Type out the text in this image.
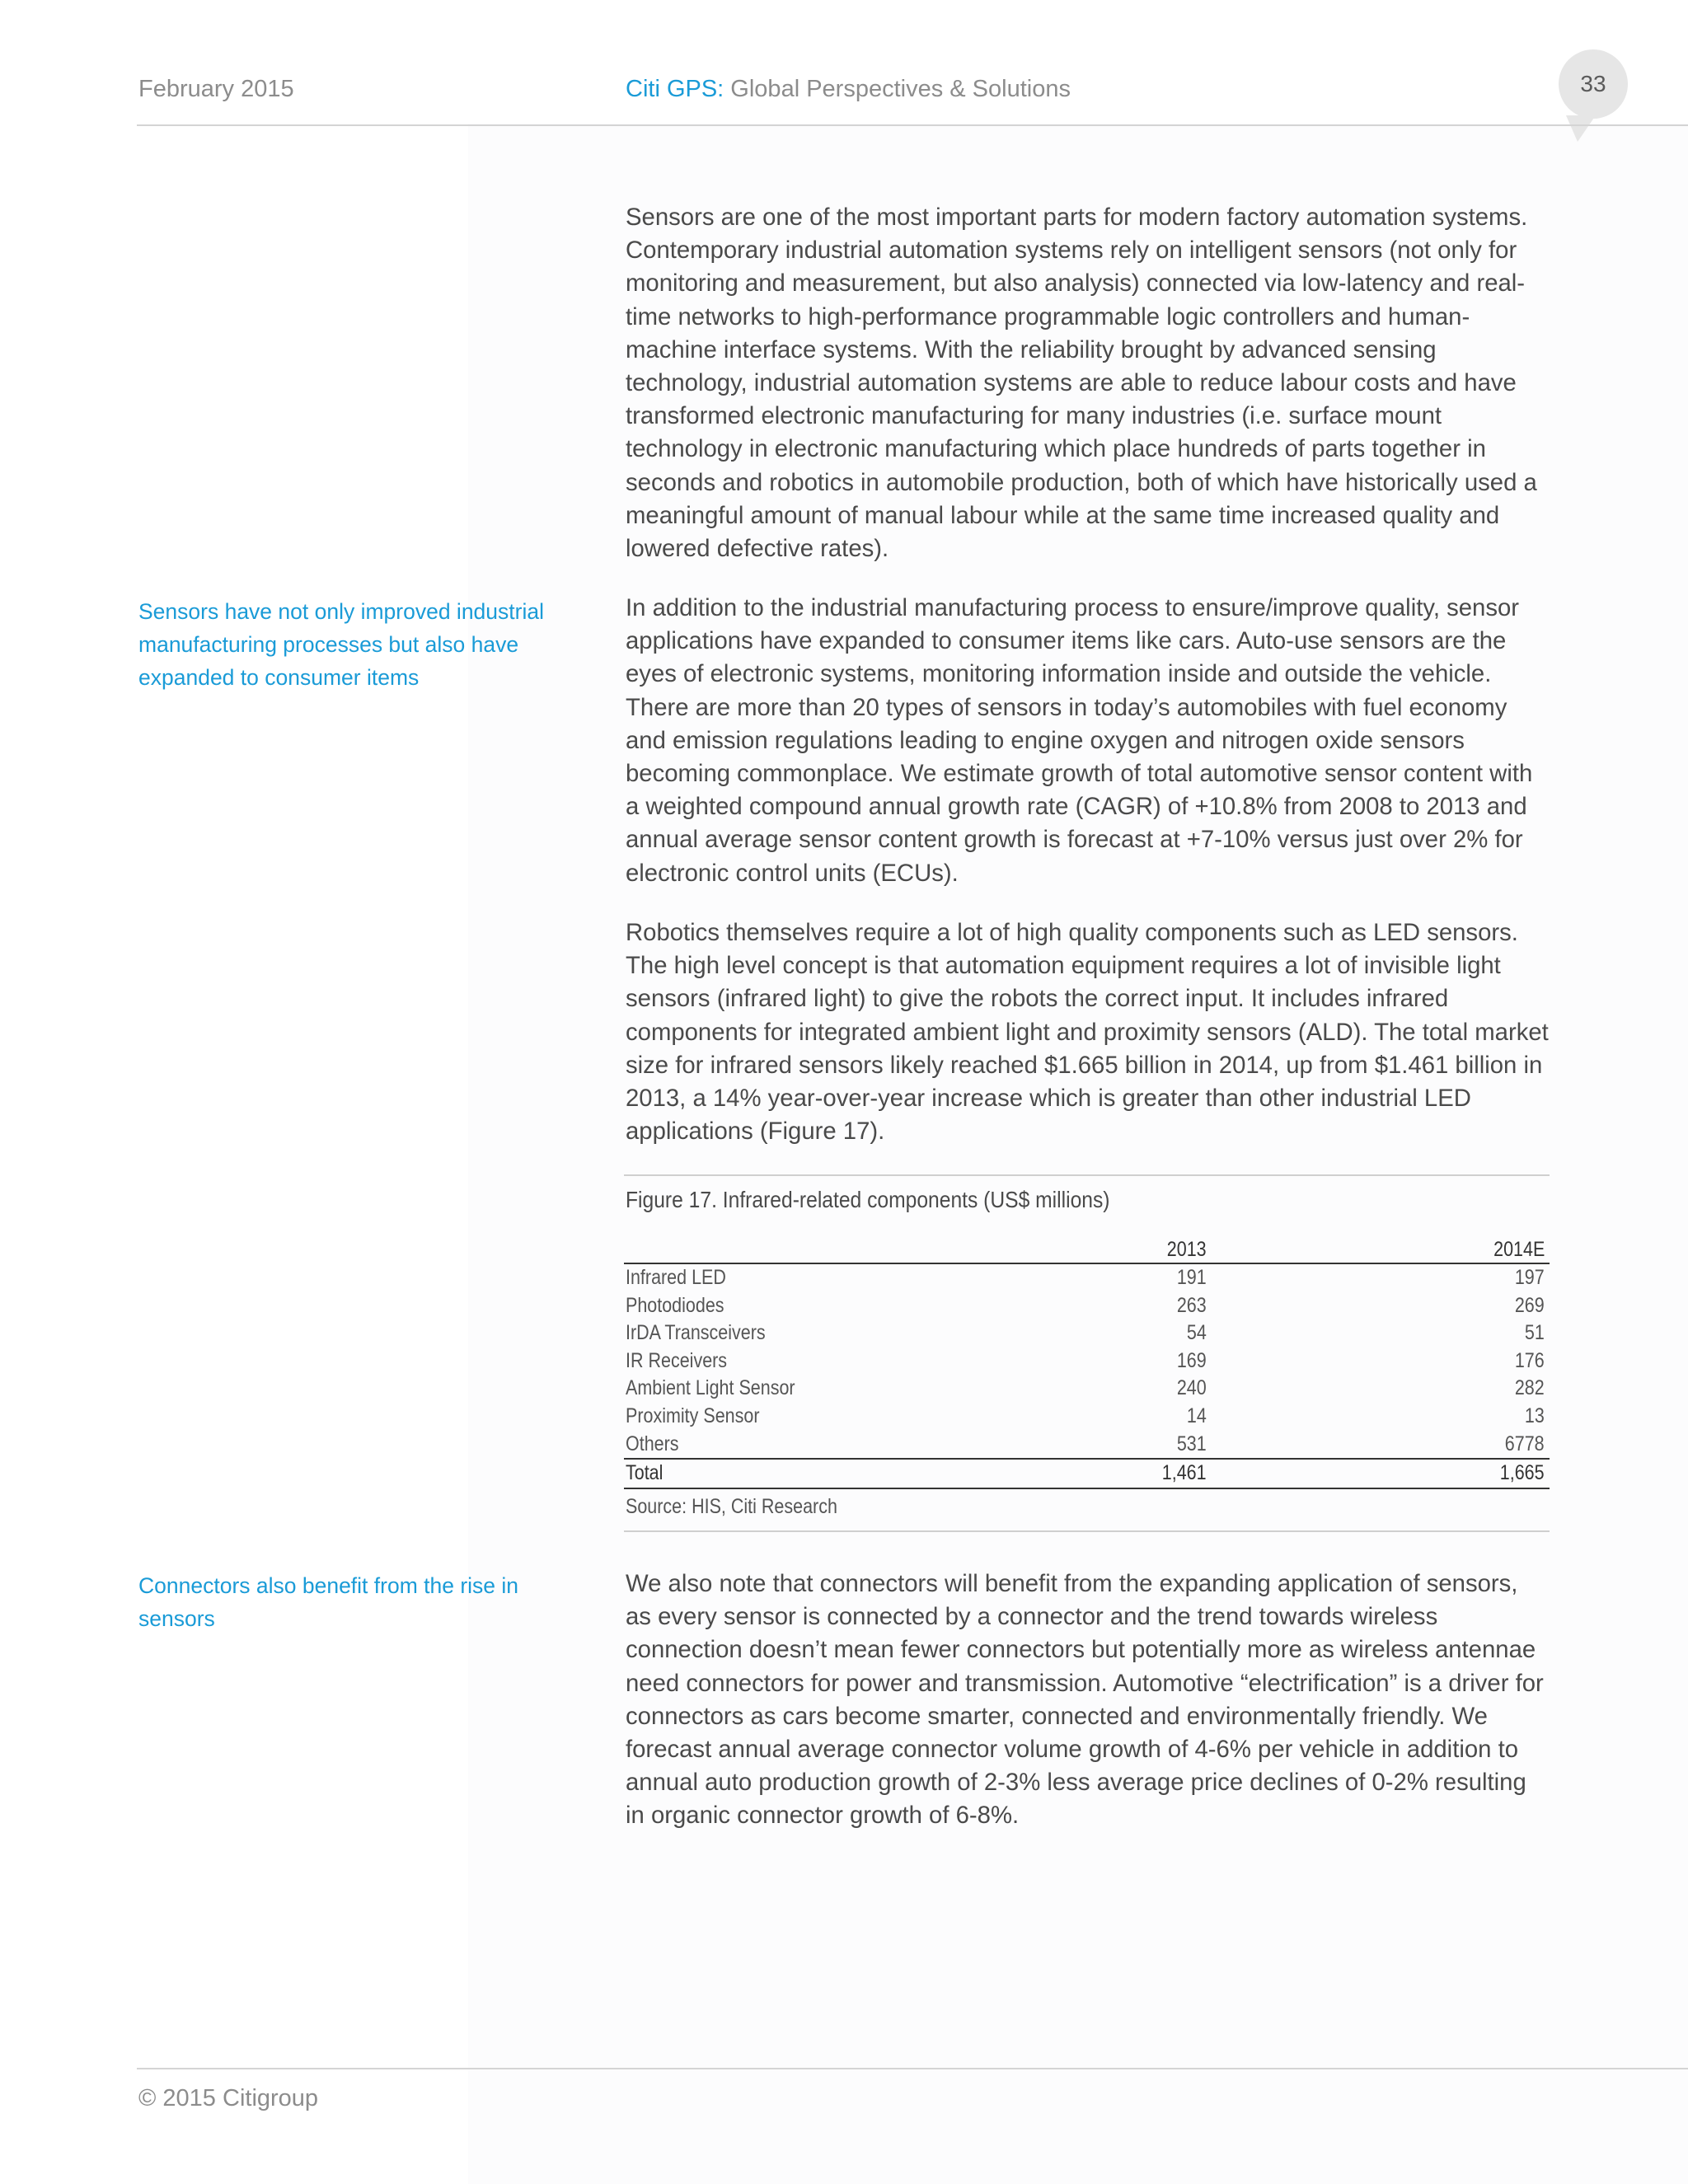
February 2015	Citi GPS: Global Perspectives & Solutions	33
Sensors have not only improved industrial manufacturing processes but also have expanded to consumer items
Connectors also benefit from the rise in sensors
Sensors are one of the most important parts for modern factory automation systems. Contemporary industrial automation systems rely on intelligent sensors (not only for monitoring and measurement, but also analysis) connected via low-latency and real-time networks to high-performance programmable logic controllers and human-machine interface systems. With the reliability brought by advanced sensing technology, industrial automation systems are able to reduce labour costs and have transformed electronic manufacturing for many industries (i.e. surface mount technology in electronic manufacturing which place hundreds of parts together in seconds and robotics in automobile production, both of which have historically used a meaningful amount of manual labour while at the same time increased quality and lowered defective rates).
In addition to the industrial manufacturing process to ensure/improve quality, sensor applications have expanded to consumer items like cars. Auto-use sensors are the eyes of electronic systems, monitoring information inside and outside the vehicle. There are more than 20 types of sensors in today’s automobiles with fuel economy and emission regulations leading to engine oxygen and nitrogen oxide sensors becoming commonplace. We estimate growth of total automotive sensor content with a weighted compound annual growth rate (CAGR) of +10.8% from 2008 to 2013 and annual average sensor content growth is forecast at +7-10% versus just over 2% for electronic control units (ECUs).
Robotics themselves require a lot of high quality components such as LED sensors. The high level concept is that automation equipment requires a lot of invisible light sensors (infrared light) to give the robots the correct input. It includes infrared components for integrated ambient light and proximity sensors (ALD). The total market size for infrared sensors likely reached $1.665 billion in 2014, up from $1.461 billion in 2013, a 14% year-over-year increase which is greater than other industrial LED applications (Figure 17).
Figure 17. Infrared-related components (US$ millions)
2013	2014E
Infrared LED	191	197
Photodiodes	263	269
IrDA Transceivers	54	51
IR Receivers	169	176
Ambient Light Sensor	240	282
Proximity Sensor	14	13
Others	531	6778
Total	1,461	1,665
Source: HIS, Citi Research
We also note that connectors will benefit from the expanding application of sensors, as every sensor is connected by a connector and the trend towards wireless connection doesn’t mean fewer connectors but potentially more as wireless antennae need connectors for power and transmission. Automotive “electrification” is a driver for connectors as cars become smarter, connected and environmentally friendly. We forecast annual average connector volume growth of 4-6% per vehicle in addition to annual auto production growth of 2-3% less average price declines of 0-2% resulting in organic connector growth of 6-8%.
© 2015 Citigroup
